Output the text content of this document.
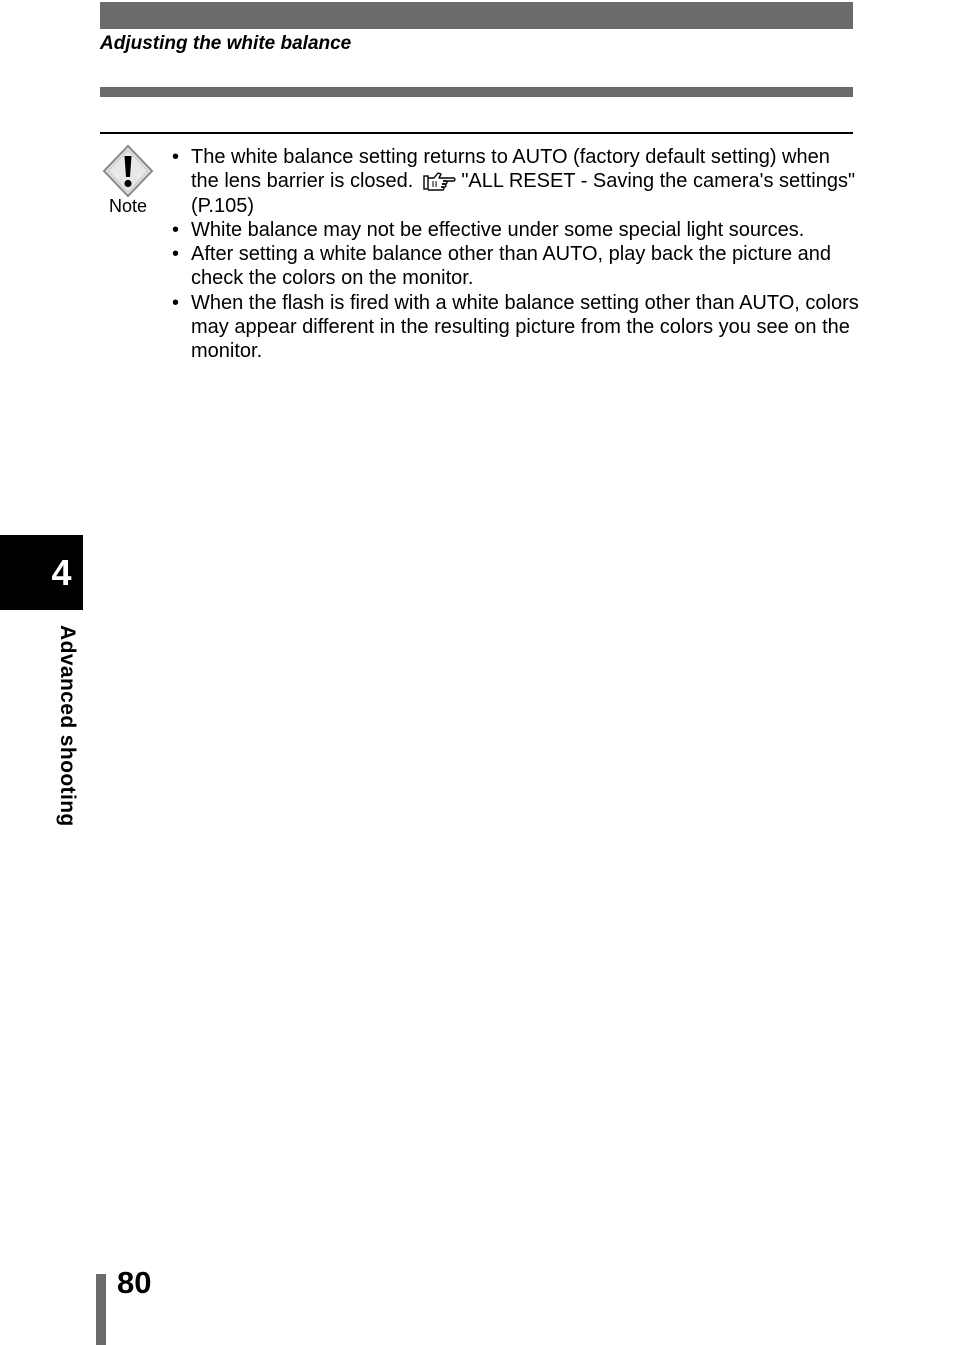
Adjusting the white balance
Note
• The white balance setting returns to AUTO (factory default setting) when the lens barrier is closed. "ALL RESET - Saving the camera's settings" (P.105)
• White balance may not be effective under some special light sources.
• After setting a white balance other than AUTO, play back the picture and check the colors on the monitor.
• When the flash is fired with a white balance setting other than AUTO, colors may appear different in the resulting picture from the colors you see on the monitor.
4
Advanced shooting
80
